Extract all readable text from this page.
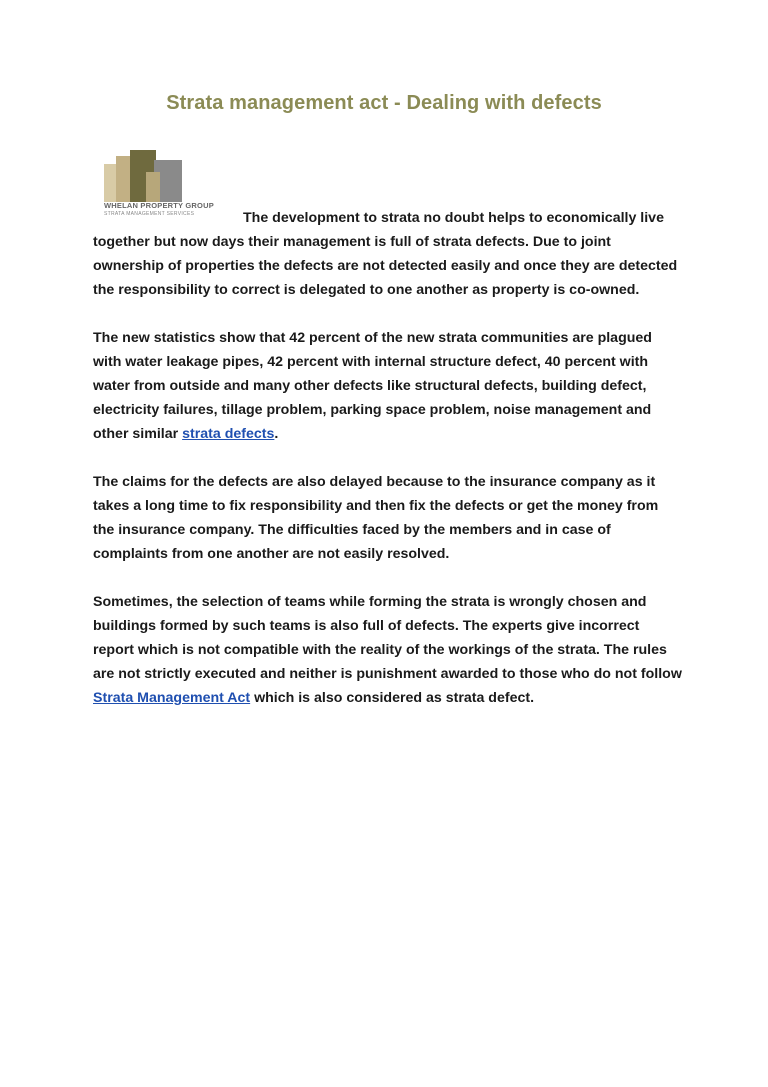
Strata management act - Dealing with defects
WHELAN PROPERTY GROUP
STRATA MANAGEMENT SERVICES	The development to strata no doubt helps to economically live together but now days their management is full of strata defects. Due to joint ownership of properties the defects are not detected easily and once they are detected the responsibility to correct is delegated to one another as property is co-owned.

The new statistics show that 42 percent of the new strata communities are plagued with water leakage pipes, 42 percent with internal structure defect, 40 percent with water from outside and many other defects like structural defects, building defect, electricity failures, tillage problem, parking space problem, noise management and other similar strata defects.

The claims for the defects are also delayed because to the insurance company as it takes a long time to fix responsibility and then fix the defects or get the money from the insurance company. The difficulties faced by the members and in case of complaints from one another are not easily resolved.

Sometimes, the selection of teams while forming the strata is wrongly chosen and buildings formed by such teams is also full of defects. The experts give incorrect report which is not compatible with the reality of the workings of the strata. The rules are not strictly executed and neither is punishment awarded to those who do not follow Strata Management Act which is also considered as strata defect.
